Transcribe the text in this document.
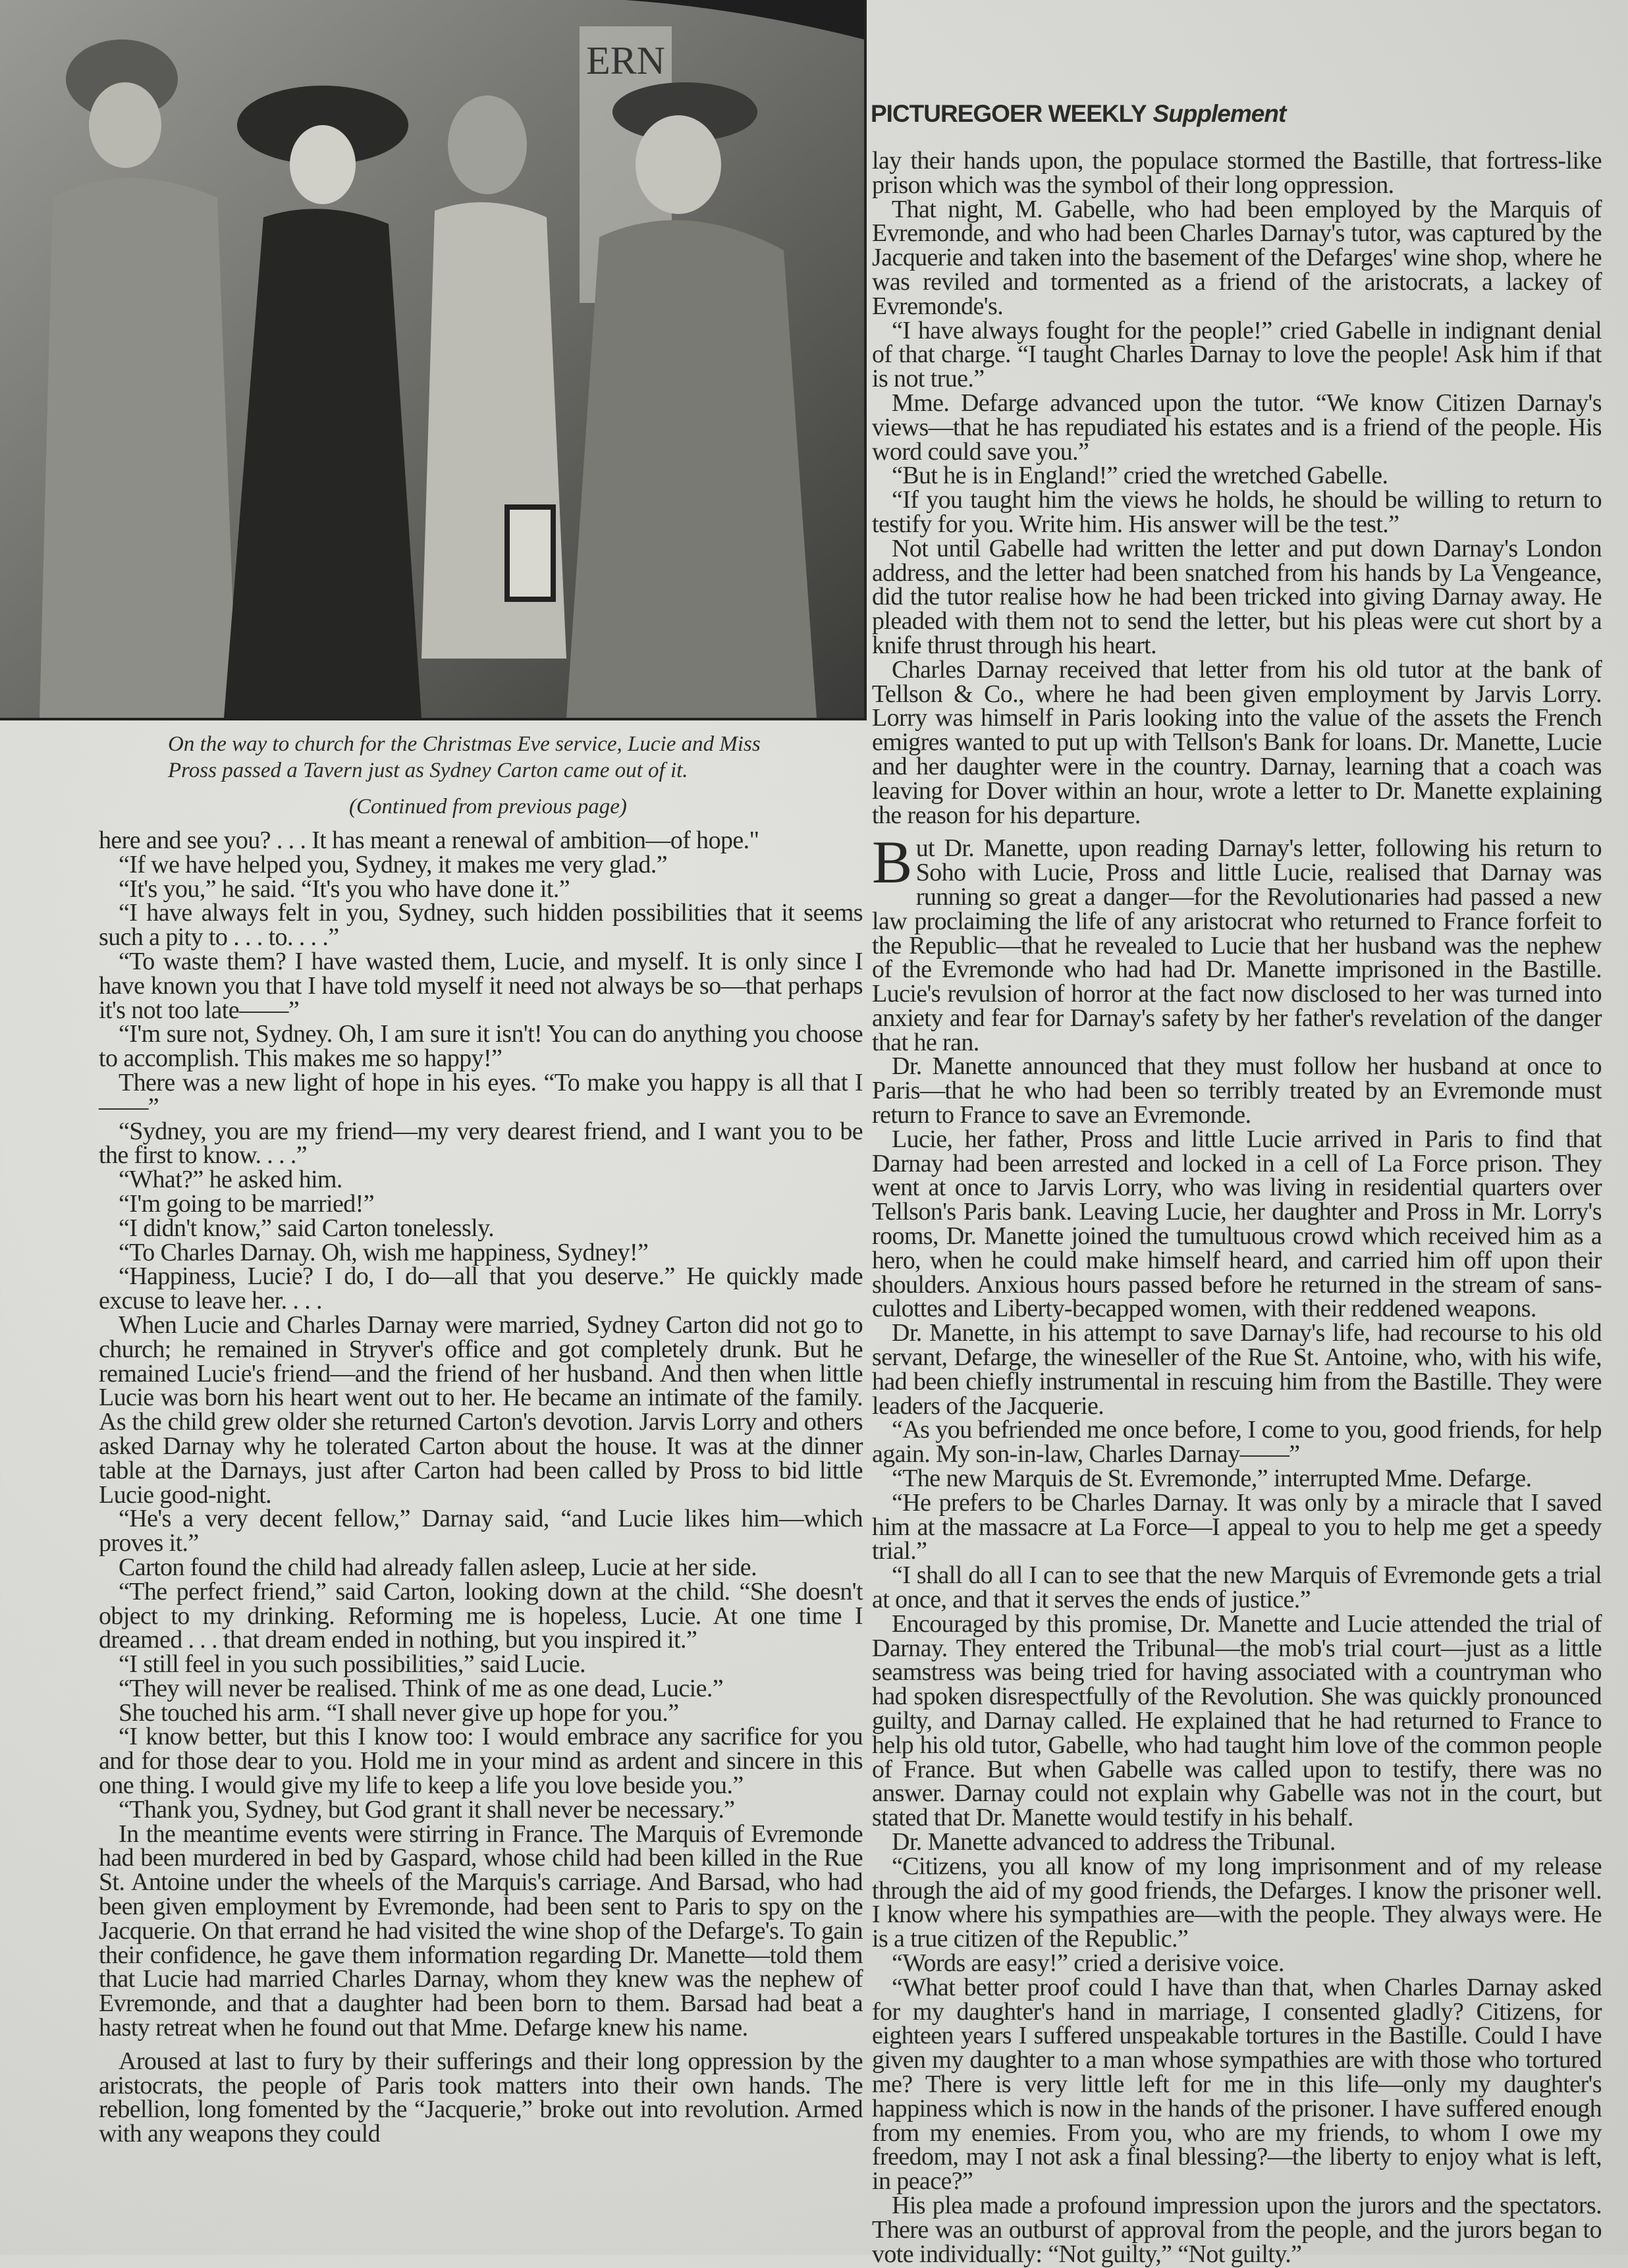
ERN

On the way to church for the Christmas Eve service, Lucie and Miss

Pross passed a Tavern just as Sydney Carton came out of it.

PICTUREGOER WEEKLY Supplement
(Continued from previous page)

here and see you? . . . It has meant a renewal of ambition—of hope."

“If we have helped you, Sydney, it makes me very glad.”

“It's you,” he said. “It's you who have done it.”

“I have always felt in you, Sydney, such hidden possibilities that it seems such a pity to . . . to. . . .”

“To waste them? I have wasted them, Lucie, and myself. It is only since I have known you that I have told myself it need not always be so—that perhaps it's not too late——”

“I'm sure not, Sydney. Oh, I am sure it isn't! You can do anything you choose to accomplish. This makes me so happy!”

There was a new light of hope in his eyes. “To make you happy is all that I——”

“Sydney, you are my friend—my very dearest friend, and I want you to be the first to know. . . .”

“What?” he asked him.

“I'm going to be married!”

“I didn't know,” said Carton tonelessly.

“To Charles Darnay. Oh, wish me happiness, Sydney!”

“Happiness, Lucie? I do, I do—all that you deserve.” He quickly made excuse to leave her. . . .

When Lucie and Charles Darnay were married, Sydney Carton did not go to church; he remained in Stryver's office and got completely drunk. But he remained Lucie's friend—and the friend of her husband. And then when little Lucie was born his heart went out to her. He became an intimate of the family. As the child grew older she returned Carton's devotion. Jarvis Lorry and others asked Darnay why he tolerated Carton about the house. It was at the dinner table at the Darnays, just after Carton had been called by Pross to bid little Lucie good-night.

“He's a very decent fellow,” Darnay said, “and Lucie likes him—which proves it.”

Carton found the child had already fallen asleep, Lucie at her side.

“The perfect friend,” said Carton, looking down at the child. “She doesn't object to my drinking. Reforming me is hopeless, Lucie. At one time I dreamed . . . that dream ended in nothing, but you inspired it.”

“I still feel in you such possibilities,” said Lucie.

“They will never be realised. Think of me as one dead, Lucie.”

She touched his arm. “I shall never give up hope for you.”

“I know better, but this I know too: I would embrace any sacrifice for you and for those dear to you. Hold me in your mind as ardent and sincere in this one thing. I would give my life to keep a life you love beside you.”

“Thank you, Sydney, but God grant it shall never be necessary.”

In the meantime events were stirring in France. The Marquis of Evremonde had been murdered in bed by Gaspard, whose child had been killed in the Rue St. Antoine under the wheels of the Marquis's carriage. And Barsad, who had been given employment by Evremonde, had been sent to Paris to spy on the Jacquerie. On that errand he had visited the wine shop of the Defarge's. To gain their confidence, he gave them information regarding Dr. Manette—told them that Lucie had married Charles Darnay, whom they knew was the nephew of Evremonde, and that a daughter had been born to them. Barsad had beat a hasty retreat when he found out that Mme. Defarge knew his name.

Aroused at last to fury by their sufferings and their long oppression by the aristocrats, the people of Paris took matters into their own hands. The rebellion, long fomented by the “Jacquerie,” broke out into revolution. Armed with any weapons they could

lay their hands upon, the populace stormed the Bastille, that fortress-like prison which was the symbol of their long oppression.

That night, M. Gabelle, who had been employed by the Marquis of Evremonde, and who had been Charles Darnay's tutor, was captured by the Jacquerie and taken into the basement of the Defarges' wine shop, where he was reviled and tormented as a friend of the aristocrats, a lackey of Evremonde's.

“I have always fought for the people!” cried Gabelle in indignant denial of that charge. “I taught Charles Darnay to love the people! Ask him if that is not true.”

Mme. Defarge advanced upon the tutor. “We know Citizen Darnay's views—that he has repudiated his estates and is a friend of the people. His word could save you.”

“But he is in England!” cried the wretched Gabelle.

“If you taught him the views he holds, he should be willing to return to testify for you. Write him. His answer will be the test.”

Not until Gabelle had written the letter and put down Darnay's London address, and the letter had been snatched from his hands by La Vengeance, did the tutor realise how he had been tricked into giving Darnay away. He pleaded with them not to send the letter, but his pleas were cut short by a knife thrust through his heart.

Charles Darnay received that letter from his old tutor at the bank of Tellson & Co., where he had been given employment by Jarvis Lorry. Lorry was himself in Paris looking into the value of the assets the French emigres wanted to put up with Tellson's Bank for loans. Dr. Manette, Lucie and her daughter were in the country. Darnay, learning that a coach was leaving for Dover within an hour, wrote a letter to Dr. Manette explaining the reason for his departure.

But Dr. Manette, upon reading Darnay's letter, following his return to Soho with Lucie, Pross and little Lucie, realised that Darnay was running so great a danger—for the Revolutionaries had passed a new law proclaiming the life of any aristocrat who returned to France forfeit to the Republic—that he revealed to Lucie that her husband was the nephew of the Evremonde who had had Dr. Manette imprisoned in the Bastille. Lucie's revulsion of horror at the fact now disclosed to her was turned into anxiety and fear for Darnay's safety by her father's revelation of the danger that he ran.

Dr. Manette announced that they must follow her husband at once to Paris—that he who had been so terribly treated by an Evremonde must return to France to save an Evremonde.

Lucie, her father, Pross and little Lucie arrived in Paris to find that Darnay had been arrested and locked in a cell of La Force prison. They went at once to Jarvis Lorry, who was living in residential quarters over Tellson's Paris bank. Leaving Lucie, her daughter and Pross in Mr. Lorry's rooms, Dr. Manette joined the tumultuous crowd which received him as a hero, when he could make himself heard, and carried him off upon their shoulders. Anxious hours passed before he returned in the stream of sans-culottes and Liberty-becapped women, with their reddened weapons.

Dr. Manette, in his attempt to save Darnay's life, had recourse to his old servant, Defarge, the wineseller of the Rue St. Antoine, who, with his wife, had been chiefly instrumental in rescuing him from the Bastille. They were leaders of the Jacquerie.

“As you befriended me once before, I come to you, good friends, for help again. My son-in-law, Charles Darnay——”

“The new Marquis de St. Evremonde,” interrupted Mme. Defarge.

“He prefers to be Charles Darnay. It was only by a miracle that I saved him at the massacre at La Force—I appeal to you to help me get a speedy trial.”

“I shall do all I can to see that the new Marquis of Evremonde gets a trial at once, and that it serves the ends of justice.”

Encouraged by this promise, Dr. Manette and Lucie attended the trial of Darnay. They entered the Tribunal—the mob's trial court—just as a little seamstress was being tried for having associated with a countryman who had spoken disrespectfully of the Revolution. She was quickly pronounced guilty, and Darnay called. He explained that he had returned to France to help his old tutor, Gabelle, who had taught him love of the common people of France. But when Gabelle was called upon to testify, there was no answer. Darnay could not explain why Gabelle was not in the court, but stated that Dr. Manette would testify in his behalf.

Dr. Manette advanced to address the Tribunal.

“Citizens, you all know of my long imprisonment and of my release through the aid of my good friends, the Defarges. I know the prisoner well. I know where his sympathies are—with the people. They always were. He is a true citizen of the Republic.”

“Words are easy!” cried a derisive voice.

“What better proof could I have than that, when Charles Darnay asked for my daughter's hand in marriage, I consented gladly? Citizens, for eighteen years I suffered unspeakable tortures in the Bastille. Could I have given my daughter to a man whose sympathies are with those who tortured me? There is very little left for me in this life—only my daughter's happiness which is now in the hands of the prisoner. I have suffered enough from my enemies. From you, who are my friends, to whom I owe my freedom, may I not ask a final blessing?—the liberty to enjoy what is left, in peace?”

His plea made a profound impression upon the jurors and the spectators. There was an outburst of approval from the people, and the jurors began to vote individually: “Not guilty,” “Not guilty.”
